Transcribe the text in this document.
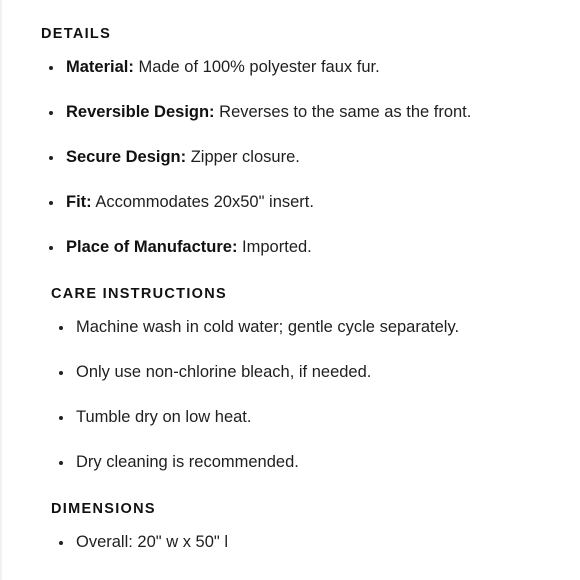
DETAILS
Material: Made of 100% polyester faux fur.
Reversible Design: Reverses to the same as the front.
Secure Design: Zipper closure.
Fit: Accommodates 20x50" insert.
Place of Manufacture: Imported.
CARE INSTRUCTIONS
Machine wash in cold water; gentle cycle separately.
Only use non-chlorine bleach, if needed.
Tumble dry on low heat.
Dry cleaning is recommended.
DIMENSIONS
Overall: 20" w x 50" l
